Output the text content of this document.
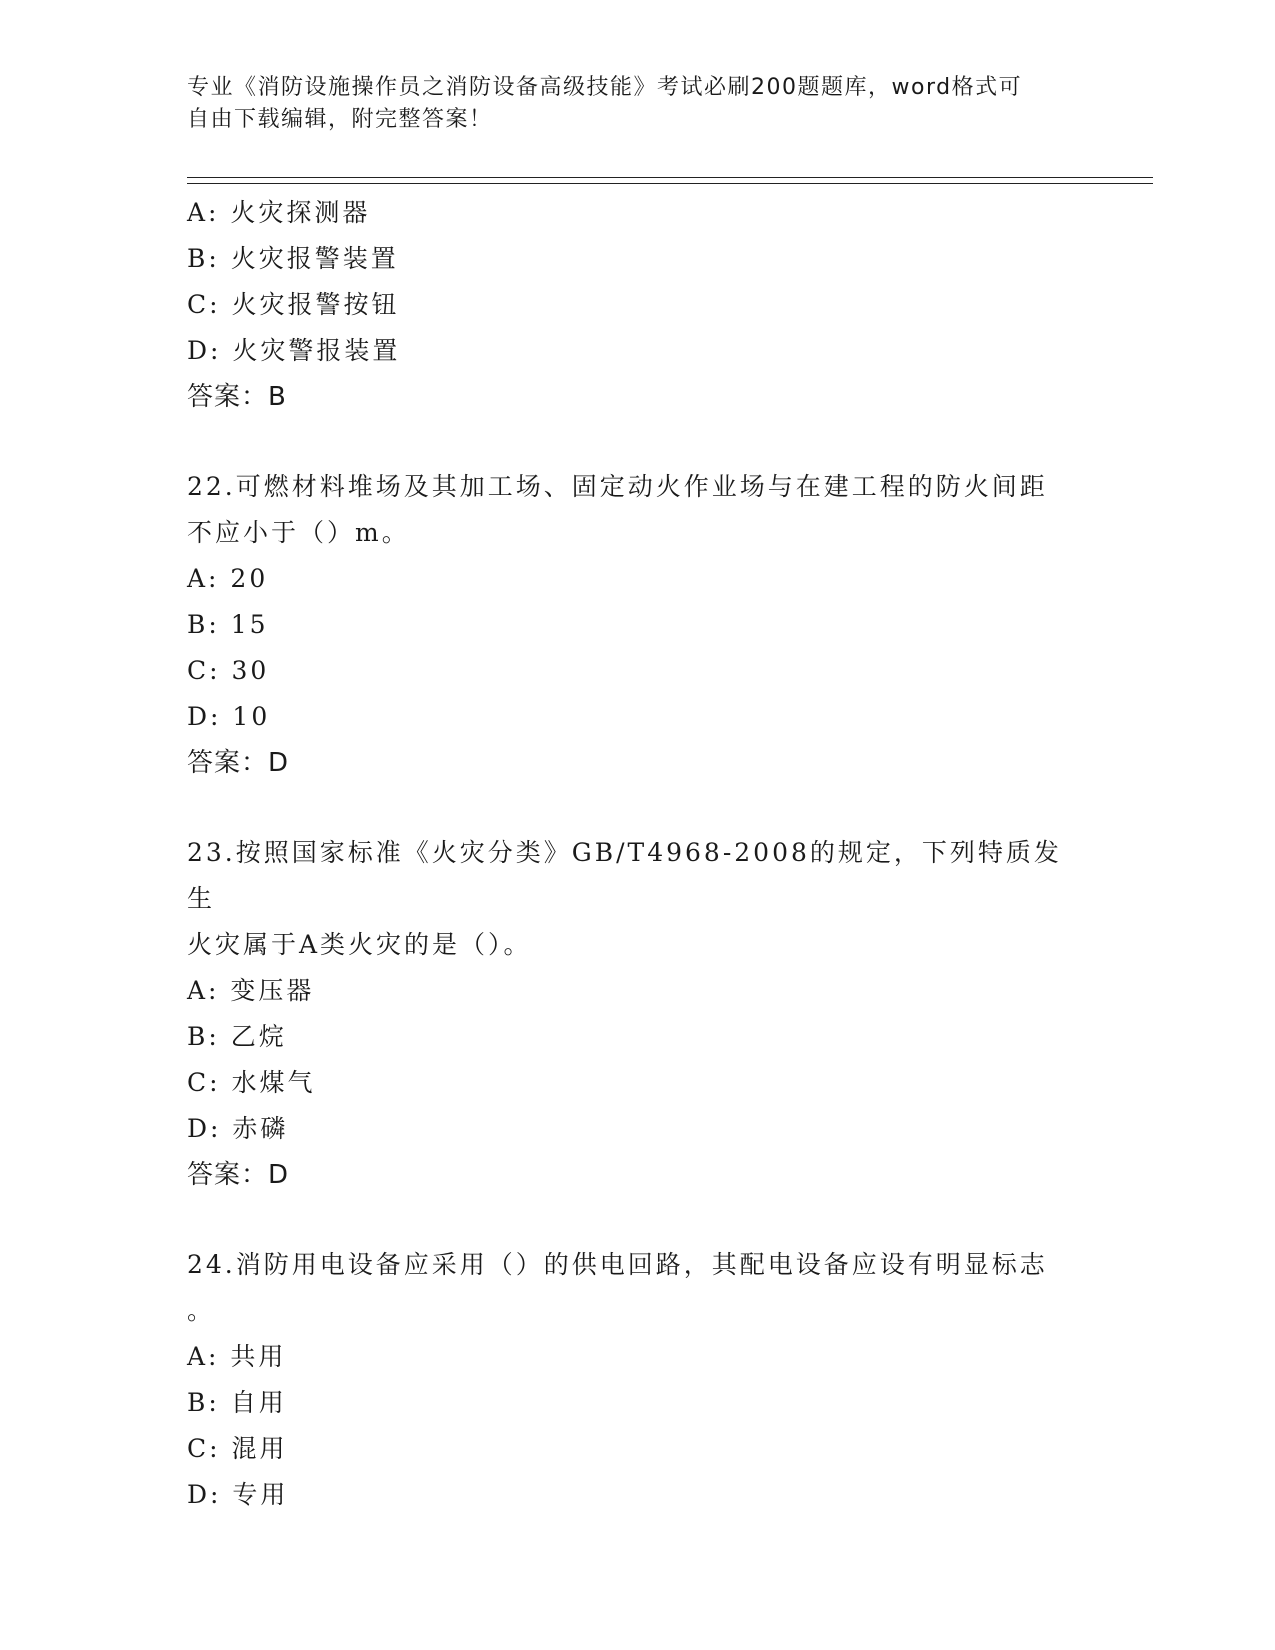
专业《消防设施操作员之消防设备高级技能》考试必刷200题题库，word格式可
自由下载编辑，附完整答案！
A: 火灾探测器
B: 火灾报警装置
C: 火灾报警按钮
D: 火灾警报装置
答案：B
22.可燃材料堆场及其加工场、固定动火作业场与在建工程的防火间距
不应小于（）m。
A: 20
B: 15
C: 30
D: 10
答案：D
23.按照国家标准《火灾分类》GB/T4968-2008的规定，下列特质发生
火灾属于A类火灾的是（）。
A: 变压器
B: 乙烷
C: 水煤气
D: 赤磷
答案：D
24.消防用电设备应采用（）的供电回路，其配电设备应设有明显标志
。
A: 共用
B: 自用
C: 混用
D: 专用
